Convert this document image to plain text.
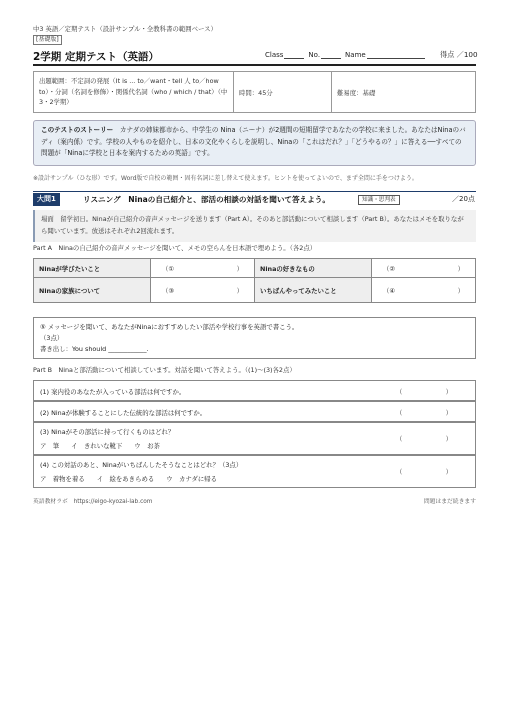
中3 英語／定期テスト（設計サンプル・全教科書の範囲ベース）
[基礎版]
2学期 定期テスト（英語）	Class	No.	Name	得点 ／100
出題範囲：不定詞の発展（It is ... to／want・tell 人 to／how to）・分詞（名詞を修飾）・関係代名詞（who / which / that）（中3・2学期）
時間：45分	難易度：基礎
このテストのストーリー　 カナダの姉妹都市から、中学生の Nina（ニーナ）が2週間の短期留学であなたの学校に来ました。あなたはNinaのバディ（案内係）です。学校の人やものを紹介し、日本の文化やくらしを説明し、Ninaの「これはだれ？」「どうやるの？」に答える──すべての問題が「Ninaに学校と日本を案内するための英語」です。
※設計サンプル（ひな形）です。Word版で自校の範囲・固有名詞に差し替えて使えます。ヒントを使ってよいので、まず全問に手をつけよう。
大問1	リスニング　Ninaの自己紹介と、部活の相談の対話を聞いて答えよう。	知識・思判表	／20点
場面　留学初日。Ninaが自己紹介の音声メッセージを送ります（Part A）。そのあと部活動について相談します（Part B）。あなたはメモを取りながら聞いています。放送はそれぞれ2回流れます。
Part A　Ninaの自己紹介の音声メッセージを聞いて、メモの空らんを日本語で埋めよう。（各2点）
Ninaが学びたいこと	（① ）	Ninaの好きなもの	（② ）

Ninaの家族について	（③ ）	いちばんやってみたいこと	（④ ）
⑤ メッセージを聞いて、あなたがNinaにおすすめしたい部活や学校行事を英語で書こう。
（3点）
書き出し：You should ____________.
Part B　Ninaと部活動について相談しています。対話を聞いて答えよう。（(1)〜(3)各2点）
(1) 案内役のあなたが入っている部活は何ですか。	（	）
(2) Ninaが体験することにした伝統的な部活は何ですか。	（	）
(3) Ninaがその部活に持って行くものはどれ？
（	）
ア　筆 イ　きれいな靴下 ウ　お茶
(4) この対話のあと、Ninaがいちばんしたそうなことはどれ？（3点）
（	）
ア　着物を着る イ　絵をあきらめる ウ　カナダに帰る
英語教材ラボ　https://eigo-kyozai-lab.com	問題はまだ続きます
